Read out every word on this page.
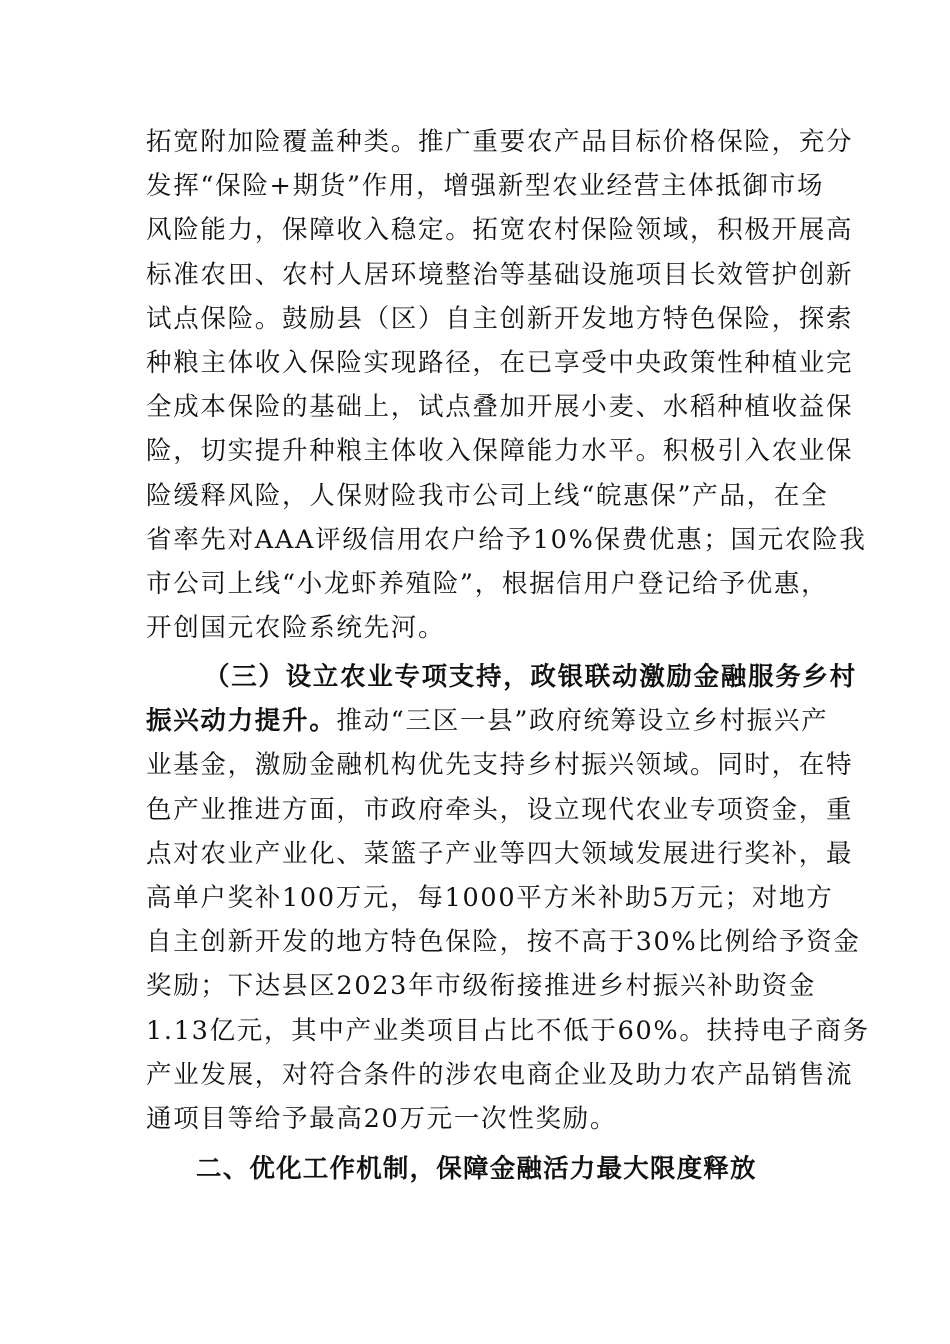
拓宽附加险覆盖种类。推广重要农产品目标价格保险，充分
发挥“保险+期货”作用，增强新型农业经营主体抵御市场
风险能力，保障收入稳定。拓宽农村保险领域，积极开展高
标准农田、农村人居环境整治等基础设施项目长效管护创新
试点保险。鼓励县（区）自主创新开发地方特色保险，探索
种粮主体收入保险实现路径，在已享受中央政策性种植业完
全成本保险的基础上，试点叠加开展小麦、水稻种植收益保
险，切实提升种粮主体收入保障能力水平。积极引入农业保
险缓释风险，人保财险我市公司上线“皖惠保”产品，在全
省率先对AAA评级信用农户给予10%保费优惠；国元农险我
市公司上线“小龙虾养殖险”，根据信用户登记给予优惠，
开创国元农险系统先河。
（三）设立农业专项支持，政银联动激励金融服务乡村
振兴动力提升。推动“三区一县”政府统筹设立乡村振兴产
业基金，激励金融机构优先支持乡村振兴领域。同时，在特
色产业推进方面，市政府牵头，设立现代农业专项资金，重
点对农业产业化、菜篮子产业等四大领域发展进行奖补，最
高单户奖补100万元，每1000平方米补助5万元；对地方
自主创新开发的地方特色保险，按不高于30%比例给予资金
奖励；下达县区2023年市级衔接推进乡村振兴补助资金
1.13亿元，其中产业类项目占比不低于60%。扶持电子商务
产业发展，对符合条件的涉农电商企业及助力农产品销售流
通项目等给予最高20万元一次性奖励。
二、优化工作机制，保障金融活力最大限度释放
